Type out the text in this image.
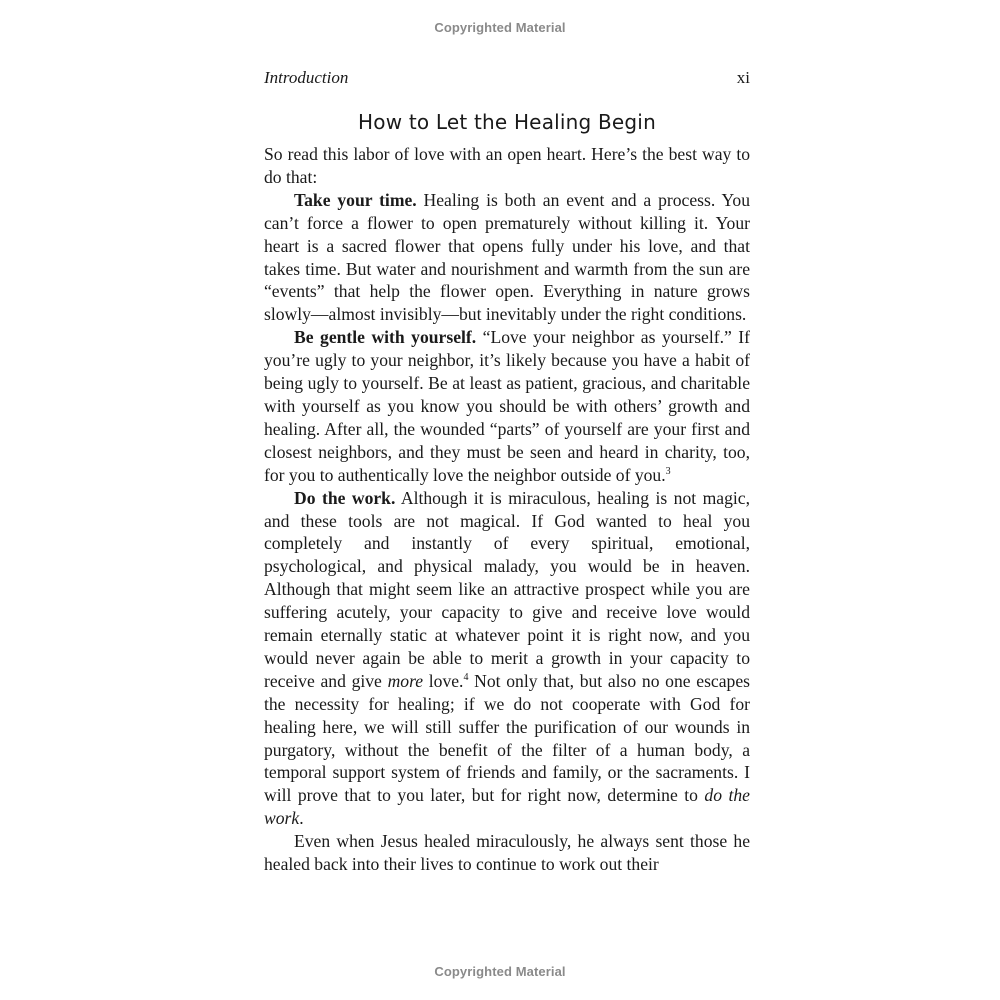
Copyrighted Material
Introduction	xi
How to Let the Healing Begin

So read this labor of love with an open heart. Here’s the best way to do that:

Take your time. Healing is both an event and a process. You can’t force a flower to open prematurely without killing it. Your heart is a sacred flower that opens fully under his love, and that takes time. But water and nourishment and warmth from the sun are “events” that help the flower open. Everything in nature grows slowly—almost invisibly—but inevitably under the right conditions.

Be gentle with yourself. “Love your neighbor as yourself.” If you’re ugly to your neighbor, it’s likely because you have a habit of being ugly to yourself. Be at least as patient, gracious, and charitable with yourself as you know you should be with others’ growth and healing. After all, the wounded “parts” of yourself are your first and closest neighbors, and they must be seen and heard in charity, too, for you to authentically love the neighbor outside of you.$^3$

Do the work. Although it is miraculous, healing is not magic, and these tools are not magical. If God wanted to heal you completely and instantly of every spiritual, emotional, psychological, and physical malady, you would be in heaven. Although that might seem like an attractive prospect while you are suffering acutely, your capacity to give and receive love would remain eternally static at whatever point it is right now, and you would never again be able to merit a growth in your capacity to receive and give more love.$^4$ Not only that, but also no one escapes the necessity for healing; if we do not cooperate with God for healing here, we will still suffer the purification of our wounds in purgatory, without the benefit of the filter of a human body, a temporal support system of friends and family, or the sacraments. I will prove that to you later, but for right now, determine to do the work.

Even when Jesus healed miraculously, he always sent those he healed back into their lives to continue to work out their

Copyrighted Material
